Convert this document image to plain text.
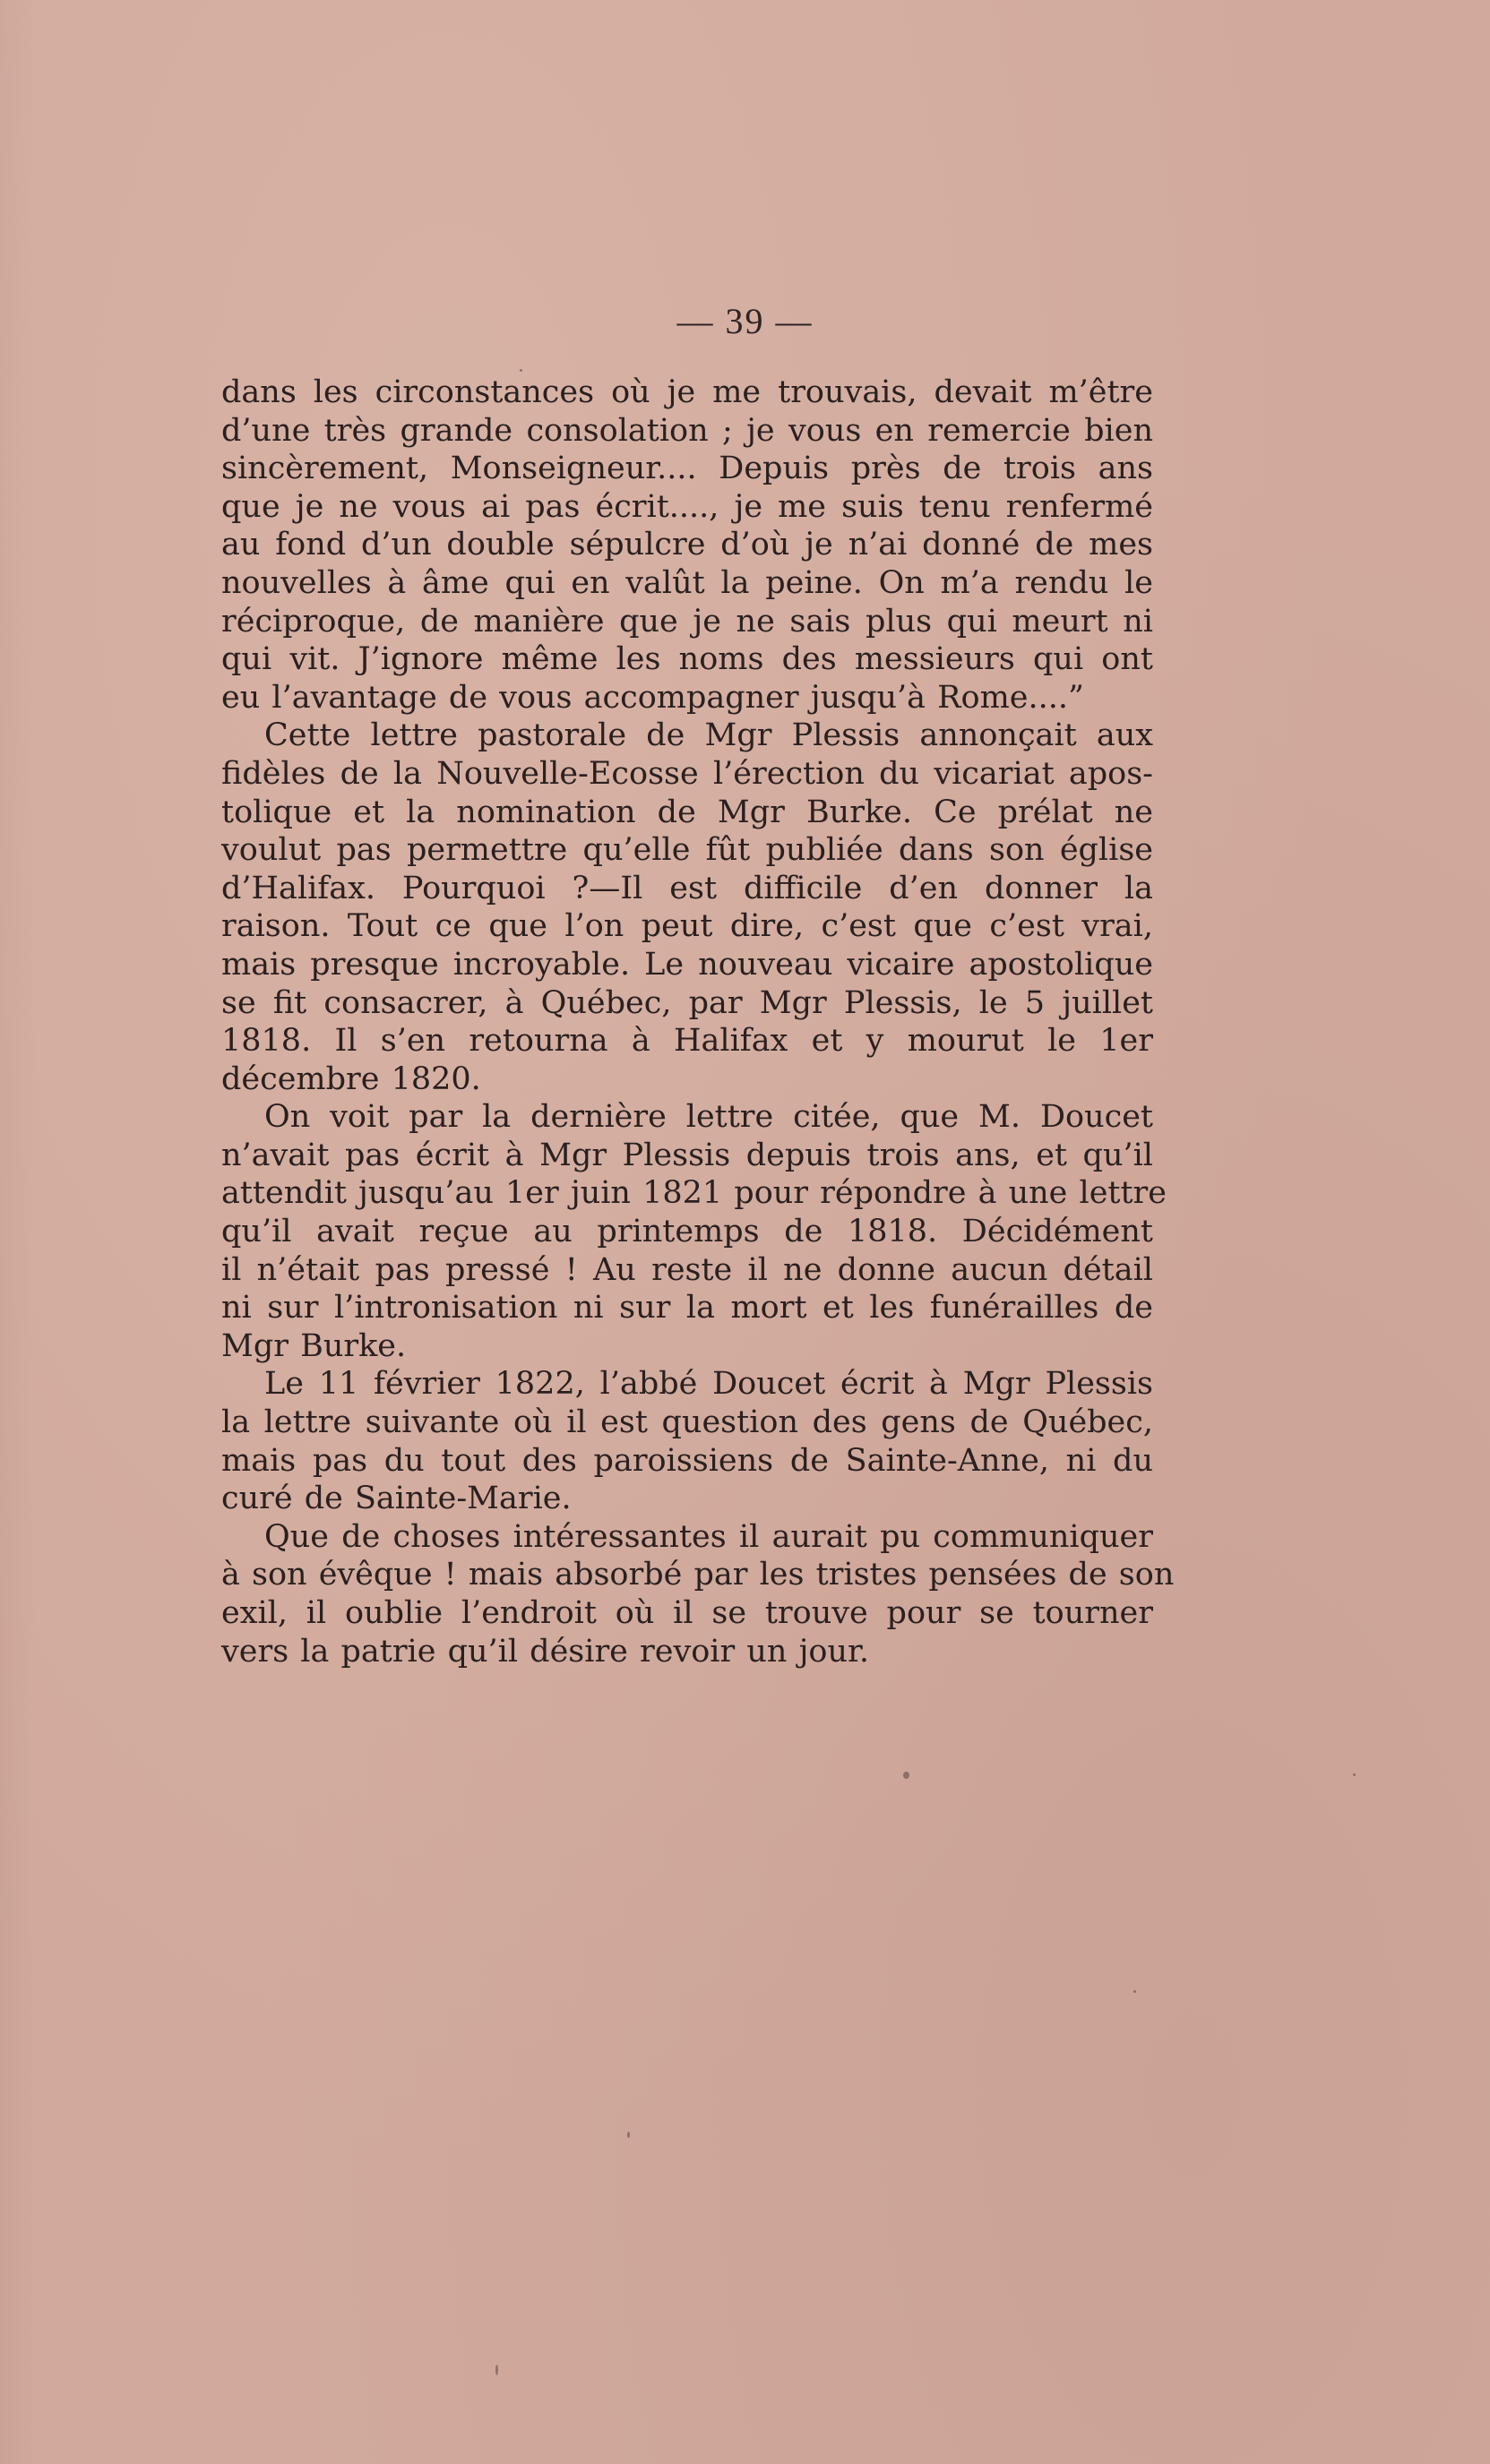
— 39 —
dans les circonstances où je me trouvais, devait m’être
d’une très grande consolation ; je vous en remercie bien
sincèrement, Monseigneur.... Depuis près de trois ans
que je ne vous ai pas écrit...., je me suis tenu renfermé
au fond d’un double sépulcre d’où je n’ai donné de mes
nouvelles à âme qui en valût la peine. On m’a rendu le
réciproque, de manière que je ne sais plus qui meurt ni
qui vit. J’ignore même les noms des messieurs qui ont
eu l’avantage de vous accompagner jusqu’à Rome....”
Cette lettre pastorale de Mgr Plessis annonçait aux
fidèles de la Nouvelle-Ecosse l’érection du vicariat apos-
tolique et la nomination de Mgr Burke. Ce prélat ne
voulut pas permettre qu’elle fût publiée dans son église
d’Halifax. Pourquoi ?—Il est difficile d’en donner la
raison. Tout ce que l’on peut dire, c’est que c’est vrai,
mais presque incroyable. Le nouveau vicaire apostolique
se fit consacrer, à Québec, par Mgr Plessis, le 5 juillet
1818. Il s’en retourna à Halifax et y mourut le 1er
décembre 1820.
On voit par la dernière lettre citée, que M. Doucet
n’avait pas écrit à Mgr Plessis depuis trois ans, et qu’il
attendit jusqu’au 1er juin 1821 pour répondre à une lettre
qu’il avait reçue au printemps de 1818. Décidément
il n’était pas pressé ! Au reste il ne donne aucun détail
ni sur l’intronisation ni sur la mort et les funérailles de
Mgr Burke.
Le 11 février 1822, l’abbé Doucet écrit à Mgr Plessis
la lettre suivante où il est question des gens de Québec,
mais pas du tout des paroissiens de Sainte-Anne, ni du
curé de Sainte-Marie.
Que de choses intéressantes il aurait pu communiquer
à son évêque ! mais absorbé par les tristes pensées de son
exil, il oublie l’endroit où il se trouve pour se tourner
vers la patrie qu’il désire revoir un jour.
